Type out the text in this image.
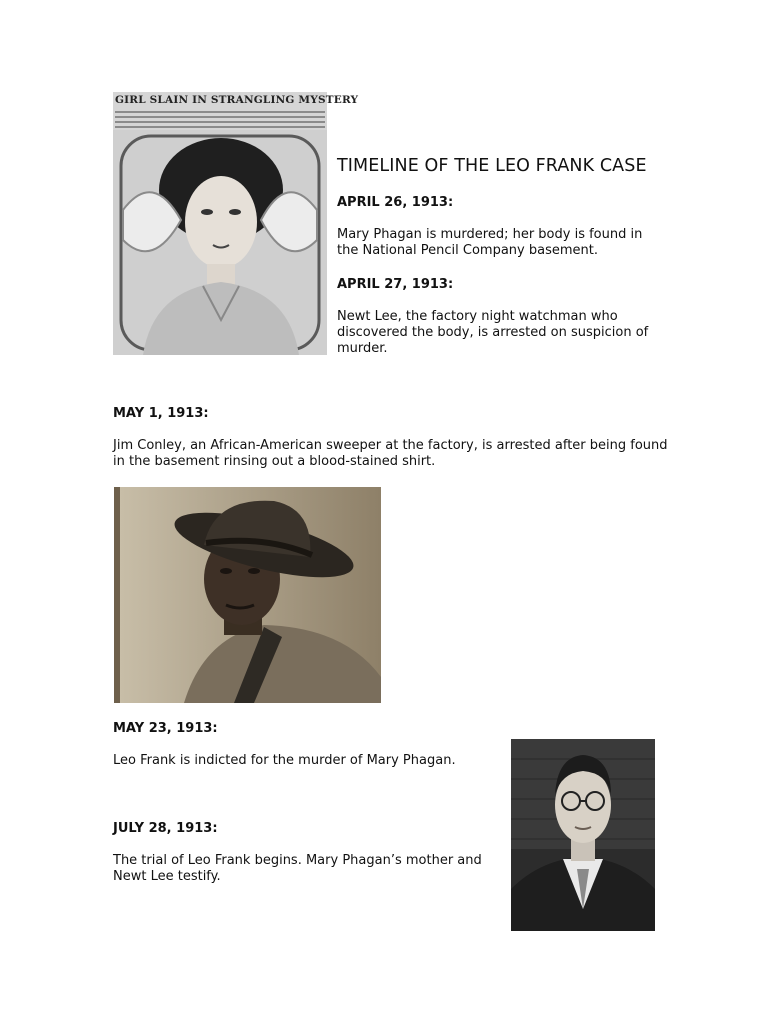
GIRL SLAIN IN STRANGLING MYSTERY
TIMELINE OF THE LEO FRANK CASE
APRIL 26, 1913:
Mary Phagan is murdered; her body is found in
the National Pencil Company basement.
APRIL 27, 1913:
Newt Lee, the factory night watchman who
discovered the body, is arrested on suspicion of
murder.
MAY 1, 1913:
Jim Conley, an African-American sweeper at the factory, is arrested after being found
in the basement rinsing out a blood-stained shirt.
MAY 23, 1913:
Leo Frank is indicted for the murder of Mary Phagan.
JULY 28, 1913:
The trial of Leo Frank begins. Mary Phagan’s mother and
Newt Lee testify.
